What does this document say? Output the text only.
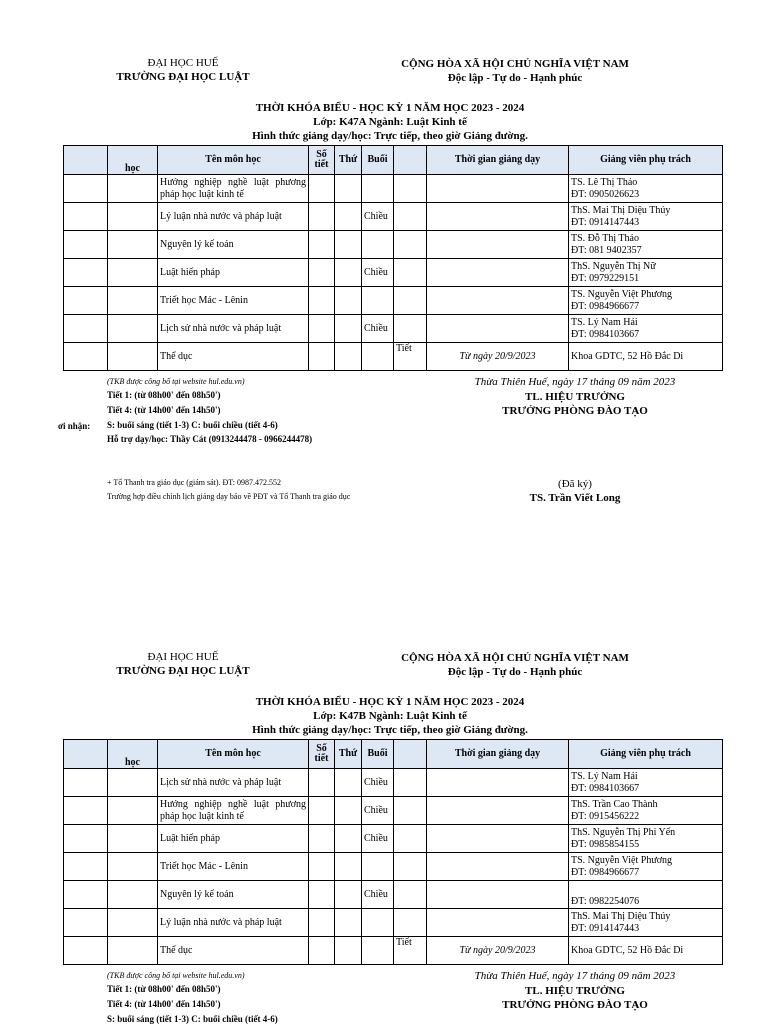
ĐẠI HỌC HUẾ
TRƯỜNG ĐẠI HỌC LUẬT
CỘNG HÒA XÃ HỘI CHỦ NGHĨA VIỆT NAM
Độc lập - Tự do - Hạnh phúc
THỜI KHÓA BIỂU - HỌC KỲ 1 NĂM HỌC 2023 - 2024
Lớp: K47A Ngành: Luật Kinh tế
Hình thức giảng dạy/học: Trực tiếp, theo giờ Giảng đường.
	học	Tên môn học	Số tiết	Thứ	Buổi		Thời gian giảng dạy	Giảng viên phụ trách
		Hướng nghiệp nghề luật phương pháp học luật kinh tế						TS. Lê Thị Thảo
ĐT: 0905026623

		Lý luận nhà nước và pháp luật			Chiều			ThS. Mai Thị Diệu Thúy
ĐT: 0914147443

		Nguyên lý kế toán						TS. Đỗ Thị Thảo
ĐT: 081 9402357

		Luật hiến pháp			Chiều			ThS. Nguyễn Thị Nữ
ĐT: 0979229151

		Triết học Mác - Lênin						TS. Nguyễn Việt Phương
ĐT: 0984966677

		Lịch sử nhà nước và pháp luật			Chiều			TS. Lý Nam Hải
ĐT: 0984103667

		Thể dục				Tiết	Từ ngày 20/9/2023	Khoa GDTC, 52 Hồ Đắc Di
(TKB được công bố tại website hul.edu.vn)
Tiết 1: (từ 08h00' đến 08h50')
Tiết 4: (từ 14h00' đến 14h50')
S: buổi sáng (tiết 1-3) C: buổi chiều (tiết 4-6)
Hỗ trợ dạy/học: Thầy Cát (0913244478 - 0966244478)
ơi nhận:
+ Tổ Thanh tra giáo dục (giám sát). ĐT: 0987.472.552
Trường hợp điều chỉnh lịch giảng dạy báo về PĐT và Tổ Thanh tra giáo dục
Thừa Thiên Huế, ngày 17 tháng 09 năm 2023
TL. HIỆU TRƯỞNG
TRƯỞNG PHÒNG ĐÀO TẠO
(Đã ký)
TS. Trần Viết Long
ĐẠI HỌC HUẾ
TRƯỜNG ĐẠI HỌC LUẬT
CỘNG HÒA XÃ HỘI CHỦ NGHĨA VIỆT NAM
Độc lập - Tự do - Hạnh phúc
THỜI KHÓA BIỂU - HỌC KỲ 1 NĂM HỌC 2023 - 2024
Lớp: K47B Ngành: Luật Kinh tế
Hình thức giảng dạy/học: Trực tiếp, theo giờ Giảng đường.
	học	Tên môn học	Số tiết	Thứ	Buổi		Thời gian giảng dạy	Giảng viên phụ trách
		Lịch sử nhà nước và pháp luật			Chiều			TS. Lý Nam Hải
ĐT: 0984103667

		Hướng nghiệp nghề luật phương pháp học luật kinh tế			Chiều			ThS. Trần Cao Thành
ĐT: 0915456222

		Luật hiến pháp			Chiều			ThS. Nguyễn Thị Phi Yến
ĐT: 0985854155

		Triết học Mác - Lênin						TS. Nguyễn Việt Phương
ĐT: 0984966677

		Nguyên lý kế toán			Chiều			ĐT: 0982254076

		Lý luận nhà nước và pháp luật						ThS. Mai Thị Diệu Thúy
ĐT: 0914147443

		Thể dục				Tiết	Từ ngày 20/9/2023	Khoa GDTC, 52 Hồ Đắc Di
(TKB được công bố tại website hul.edu.vn)
Tiết 1: (từ 08h00' đến 08h50')
Tiết 4: (từ 14h00' đến 14h50')
S: buổi sáng (tiết 1-3) C: buổi chiều (tiết 4-6)
Thừa Thiên Huế, ngày 17 tháng 09 năm 2023
TL. HIỆU TRƯỞNG
TRƯỞNG PHÒNG ĐÀO TẠO
